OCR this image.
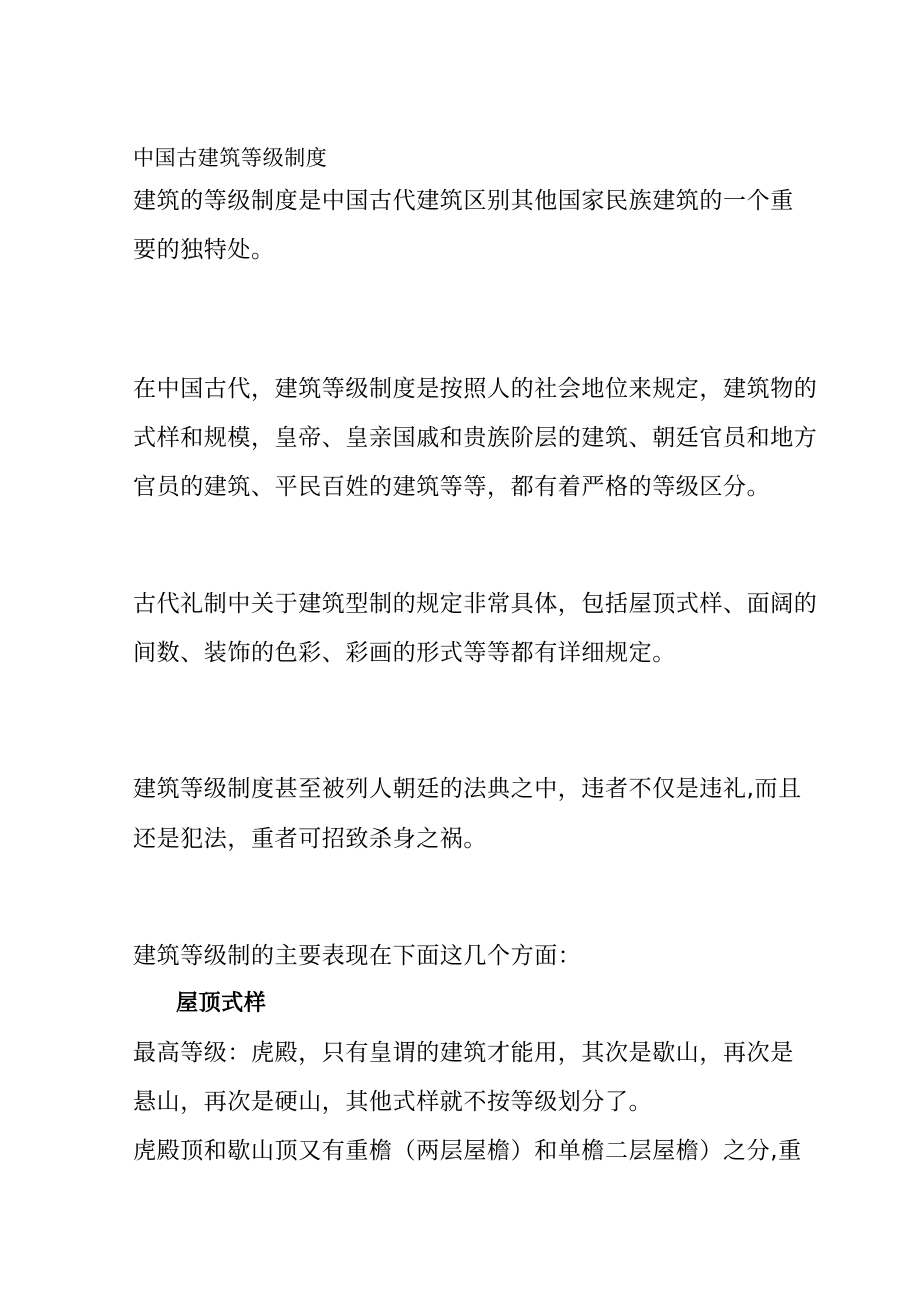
中国古建筑等级制度

建筑的等级制度是中国古代建筑区别其他国家民族建筑的一个重

要的独特处。

在中国古代，建筑等级制度是按照人的社会地位来规定，建筑物的

式样和规模，皇帝、皇亲国戚和贵族阶层的建筑、朝廷官员和地方

官员的建筑、平民百姓的建筑等等，都有着严格的等级区分。

古代礼制中关于建筑型制的规定非常具体，包括屋顶式样、面阔的

间数、装饰的色彩、彩画的形式等等都有详细规定。

建筑等级制度甚至被列人朝廷的法典之中，违者不仅是违礼,而且

还是犯法，重者可招致杀身之祸。

建筑等级制的主要表现在下面这几个方面：

屋顶式样

最高等级：虎殿，只有皇谓的建筑才能用，其次是歇山，再次是

悬山，再次是硬山，其他式样就不按等级划分了。

虎殿顶和歇山顶又有重檐（两层屋檐）和单檐二层屋檐）之分,重
